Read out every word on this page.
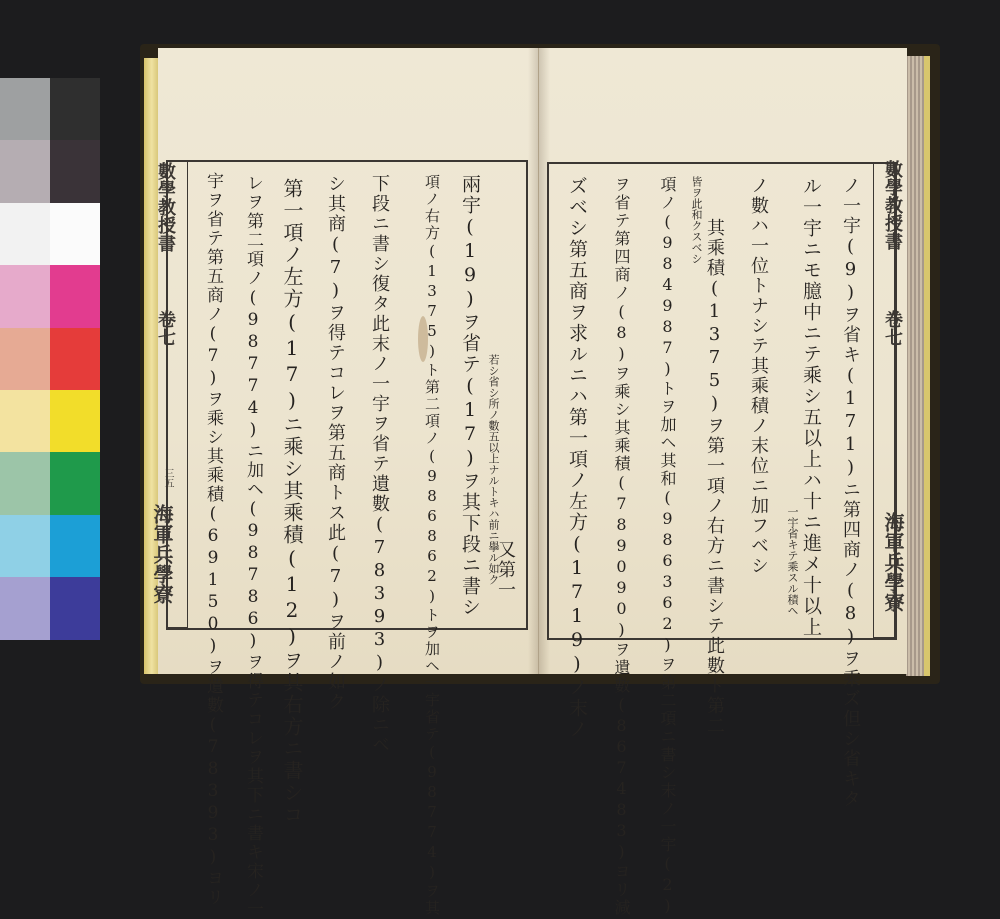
數學教授書
卷七
三五
海軍兵學寮 宇ヲ省テ第五商ノ(7)ヲ乘シ其乘積(69150)ヲ遺數(78393)ヨリ レヲ第二項ノ(98774)ニ加ヘ(98786)ヲ得テコレヲ其下ニ書キ宋ノ一 第一項ノ左方(17)ニ乘シ其乘積(12)ヲ其右方ニ書シコ シ其商(7)ヲ得テコレヲ第五商トス此(7)ヲ前ノ如ク 下段ニ書シ復タ此末ノ一宇ヲ省テ遺數(78393)ノ除ニベ 項ノ右方(1375)ト第二項ノ(986862)トヲ加ヘ一宇省テ(98774)ヲ其 兩宇(19)ヲ省テ(17)ヲ其下段ニ書シ 又第一
若シ省シ所ノ數五以上ナルトキハ前ニ擧ル如ク
數學教授書
卷七
海軍兵學寮
ズベシ第五商ヲ求ルニハ第一項ノ左方(1719)ノ末ノ ヲ省テ第四商ノ(8)ヲ乘シ其乘積(789090)ヲ遺數(867483)ヨリ減 項ノ(984987)トヲ加ヘ其和(986362)ヲ第二項ニ書シ末ノ一宇(2) 其乘積(1375)ヲ第一項ノ右方ニ書シテ此數ト第二
皆ヲ此和クスベシ	ノ數ハ一位トナシテ其乘積ノ末位ニ加フベシ 一宇省キテ乘スル積ヘ ル一宇ニモ臆中ニテ乘シ五以上ハ十ニ進メ十以上 ノ一宇(9)ヲ省キ(171)ニ第四商ノ(8)ヲ乘ズ但シ省キタ
